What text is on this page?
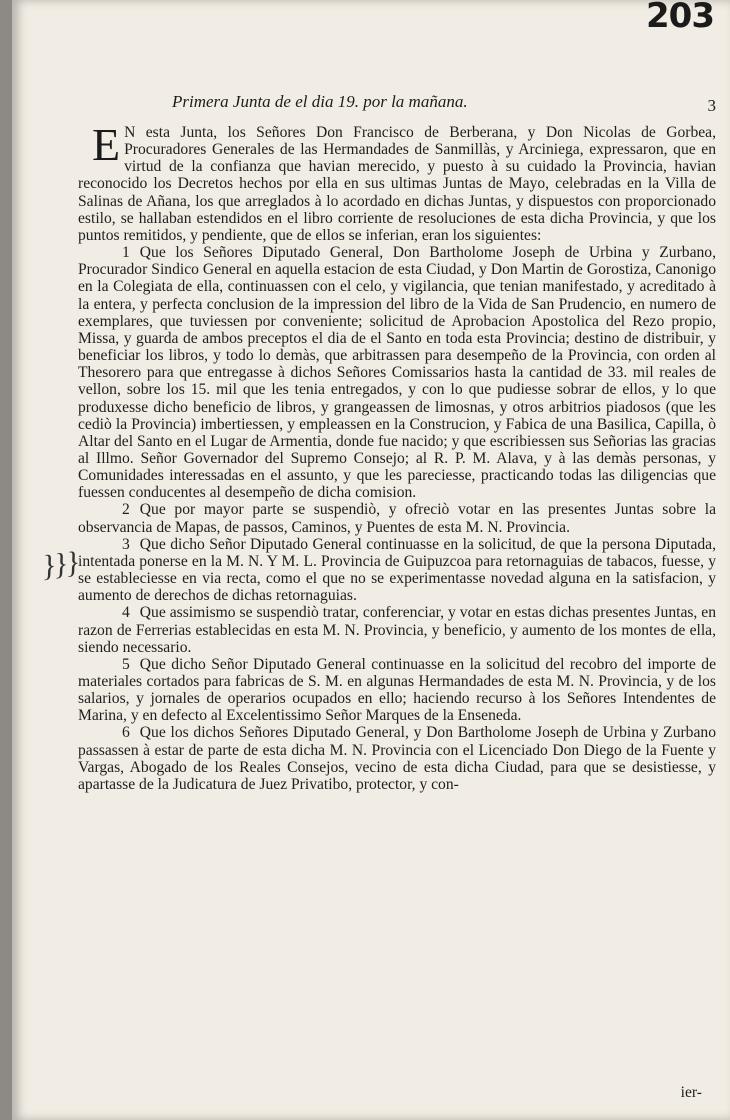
203
Primera Junta de el dia 19. por la mañana.	3

E N esta Junta, los Señores Don Francisco de Berberana, y Don Nicolas de Gorbea, Procuradores Generales de las Hermandades de Sanmillàs, y Arciniega, expressaron, que en virtud de la confianza que havian merecido, y puesto à su cuidado la Provincia, havian reconocido los Decretos hechos por ella en sus ultimas Juntas de Mayo, celebradas en la Villa de Salinas de Añana, los que arreglados à lo acordado en dichas Juntas, y dispuestos con proporcionado estilo, se hallaban estendidos en el libro corriente de resoluciones de esta dicha Provincia, y que los puntos remitidos, y pendiente, que de ellos se inferian, eran los siguientes:

1 Que los Señores Diputado General, Don Bartholome Joseph de Urbina y Zurbano, Procurador Sindico General en aquella estacion de esta Ciudad, y Don Martin de Gorostiza, Canonigo en la Colegiata de ella, continuassen con el celo, y vigilancia, que tenian manifestado, y acreditado à la entera, y perfecta conclusion de la impression del libro de la Vida de San Prudencio, en numero de exemplares, que tuviessen por conveniente; solicitud de Aprobacion Apostolica del Rezo propio, Missa, y guarda de ambos preceptos el dia de el Santo en toda esta Provincia; destino de distribuir, y beneficiar los libros, y todo lo demàs, que arbitrassen para desempeño de la Provincia, con orden al Thesorero para que entregasse à dichos Señores Comissarios hasta la cantidad de 33. mil reales de vellon, sobre los 15. mil que les tenia entregados, y con lo que pudiesse sobrar de ellos, y lo que produxesse dicho beneficio de libros, y grangeassen de limosnas, y otros arbitrios piadosos (que les cediò la Provincia) imbertiessen, y empleassen en la Construcion, y Fabica de una Basilica, Capilla, ò Altar del Santo en el Lugar de Armentia, donde fue nacido; y que escribiessen sus Señorias las gracias al Illmo. Señor Governador del Supremo Consejo; al R. P. M. Alava, y à las demàs personas, y Comunidades interessadas en el assunto, y que les pareciesse, practicando todas las diligencias que fuessen conducentes al desempeño de dicha comision.

2 Que por mayor parte se suspendiò, y ofreciò votar en las presentes Juntas sobre la observancia de Mapas, de passos, Caminos, y Puentes de esta M. N. Provincia.

3 Que dicho Señor Diputado General continuasse en la solicitud, de que la persona Diputada, intentada ponerse en la M. N. Y M. L. Provincia de Guipuzcoa para retornaguias de tabacos, fuesse, y se estableciesse en via recta, como el que no se experimentasse novedad alguna en la satisfacion, y aumento de derechos de dichas retornaguias.

4 Que assimismo se suspendiò tratar, conferenciar, y votar en estas dichas presentes Juntas, en razon de Ferrerias establecidas en esta M. N. Provincia, y beneficio, y aumento de los montes de ella, siendo necessario.

5 Que dicho Señor Diputado General continuasse en la solicitud del recobro del importe de materiales cortados para fabricas de S. M. en algunas Hermandades de esta M. N. Provincia, y de los salarios, y jornales de operarios ocupados en ello; haciendo recurso à los Señores Intendentes de Marina, y en defecto al Excelentissimo Señor Marques de la Enseneda.

6 Que los dichos Señores Diputado General, y Don Bartholome Joseph de Urbina y Zurbano passassen à estar de parte de esta dicha M. N. Provincia con el Licenciado Don Diego de la Fuente y Vargas, Abogado de los Reales Consejos, vecino de esta dicha Ciudad, para que se desistiesse, y apartasse de la Judicatura de Juez Privatibo, protector, y con-

}}}
ier-
